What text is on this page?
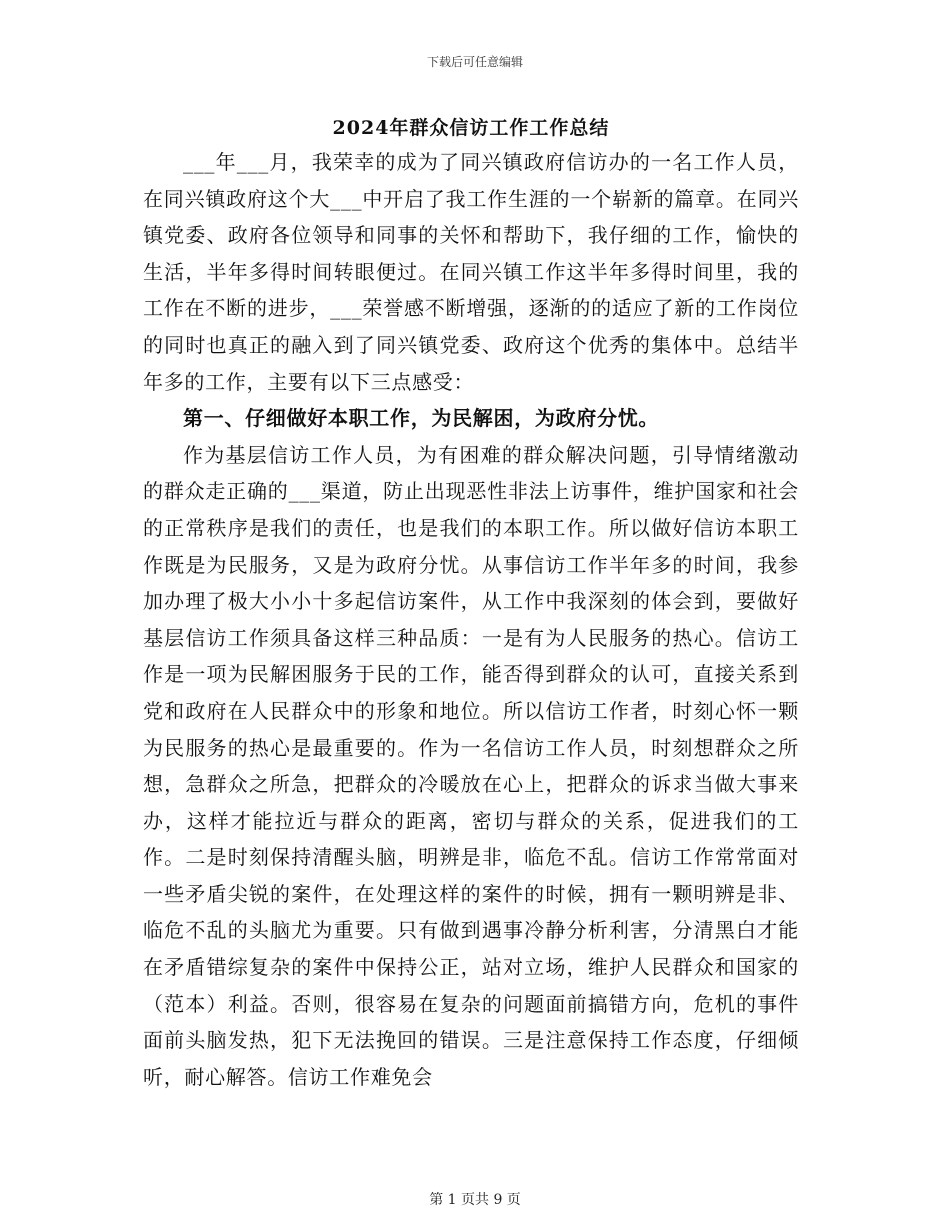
下载后可任意编辑
2024年群众信访工作工作总结

___年___月，我荣幸的成为了同兴镇政府信访办的一名工作人员，在同兴镇政府这个大___中开启了我工作生涯的一个崭新的篇章。在同兴镇党委、政府各位领导和同事的关怀和帮助下，我仔细的工作，愉快的生活，半年多得时间转眼便过。在同兴镇工作这半年多得时间里，我的工作在不断的进步，___荣誉感不断增强，逐渐的的适应了新的工作岗位的同时也真正的融入到了同兴镇党委、政府这个优秀的集体中。总结半年多的工作，主要有以下三点感受：

第一、仔细做好本职工作，为民解困，为政府分忧。

作为基层信访工作人员，为有困难的群众解决问题，引导情绪激动的群众走正确的___渠道，防止出现恶性非法上访事件，维护国家和社会的正常秩序是我们的责任，也是我们的本职工作。所以做好信访本职工作既是为民服务，又是为政府分忧。从事信访工作半年多的时间，我参加办理了极大小小十多起信访案件，从工作中我深刻的体会到，要做好基层信访工作须具备这样三种品质：一是有为人民服务的热心。信访工作是一项为民解困服务于民的工作，能否得到群众的认可，直接关系到党和政府在人民群众中的形象和地位。所以信访工作者，时刻心怀一颗为民服务的热心是最重要的。作为一名信访工作人员，时刻想群众之所想，急群众之所急，把群众的冷暖放在心上，把群众的诉求当做大事来办，这样才能拉近与群众的距离，密切与群众的关系，促进我们的工作。二是时刻保持清醒头脑，明辨是非，临危不乱。信访工作常常面对一些矛盾尖锐的案件，在处理这样的案件的时候，拥有一颗明辨是非、临危不乱的头脑尤为重要。只有做到遇事冷静分析利害，分清黑白才能在矛盾错综复杂的案件中保持公正，站对立场，维护人民群众和国家的（范本）利益。否则，很容易在复杂的问题面前搞错方向，危机的事件面前头脑发热，犯下无法挽回的错误。三是注意保持工作态度，仔细倾听，耐心解答。信访工作难免会

第 1 页共 9 页
